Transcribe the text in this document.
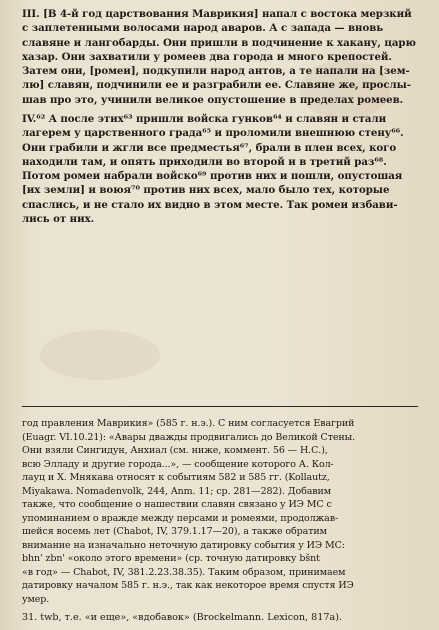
III. [В 4-й год царствования Маврикия] напал с востока мерзкий
с заплетенными волосами народ аваров. А с запада — вновь
славяне и лангобарды. Они пришли в подчинение к хакану, царю
хазар. Они захватили у ромеев два города и много крепостей.
Затем они, [ромеи], подкупили народ антов, а те напали на [зем-
лю] славян, подчинили ее и разграбили ее. Славяне же, прослы-
шав про это, учинили великое опустошение в пределах ромеев.
IV.⁶² А после этих⁶³ пришли войска гунков⁶⁴ и славян и стали
лагерем у царственного града⁶⁵ и проломили внешнюю стену⁶⁶.
Они грабили и жгли все предместья⁶⁷, брали в плен всех, кого
находили там, и опять приходили во второй и в третий раз⁶⁸.
Потом ромеи набрали войско⁶⁹ против них и пошли, опустошая
[их земли] и воюя⁷⁰ против них всех, мало было тех, которые
спаслись, и не стало их видно в этом месте. Так ромеи избави-
лись от них.
год правления Маврикия» (585 г. н.э.). С ним согласуется Евагрий
(Euagr. VI.10.21): «Авары дважды продвигались до Великой Стены.
Они взяли Сингидун, Анхиал (см. ниже, коммент. 56 — Н.С.),
всю Элладу и другие города...», — сообщение которого А. Кол-
лауц и Х. Мнякава относят к событиям 582 и 585 гг. (Kollautz,
Miyakawa. Nomadenvolk, 244, Anm. 11; ср. 281—282). Добавим
также, что сообщение о нашествии славян связано у ИЭ МС с
упоминанием о вражде между персами и ромеями, продолжав-
шейся восемь лет (Chabot, IV, 379.1.17—20), а также обратим
внимание на изначально неточную датировку события у ИЭ МС:
bhn' zbn' «около этого времени» (ср. точную датировку bšnt
«в год» — Chabot, IV, 381.2.23.38.35). Таким образом, принимаем
датировку началом 585 г. н.э., так как некоторое время спустя ИЭ
умер.
31. twb, т.е. «и еще», «вдобавок» (Brockelmann. Lexicon, 817a).
